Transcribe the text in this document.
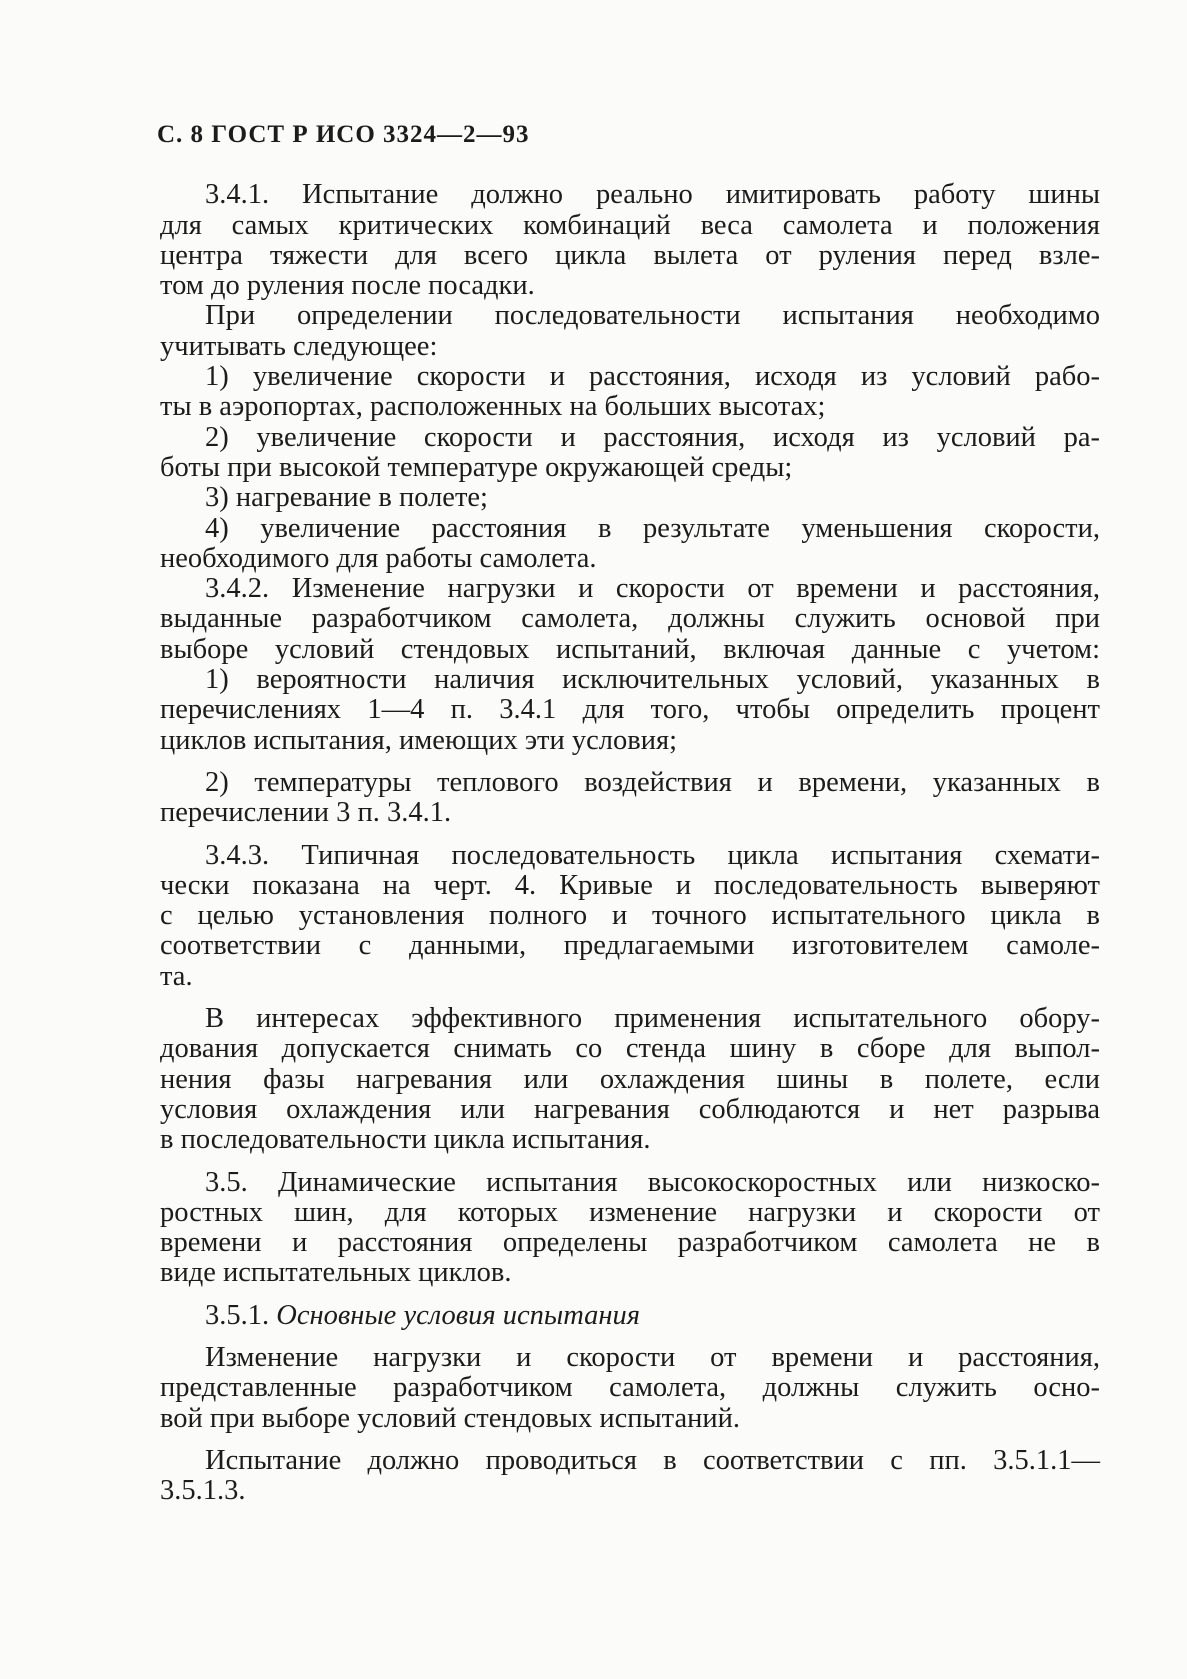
С. 8 ГОСТ Р ИСО 3324—2—93
3.4.1. Испытание должно реально имитировать работу шины
для самых критических комбинаций веса самолета и положения
центра тяжести для всего цикла вылета от руления перед взле-
том до руления после посадки.
При определении последовательности испытания необходимо
учитывать следующее:
1) увеличение скорости и расстояния, исходя из условий рабо-
ты в аэропортах, расположенных на больших высотах;
2) увеличение скорости и расстояния, исходя из условий ра-
боты при высокой температуре окружающей среды;
3) нагревание в полете;
4) увеличение расстояния в результате уменьшения скорости,
необходимого для работы самолета.
3.4.2. Изменение нагрузки и скорости от времени и расстояния,
выданные разработчиком самолета, должны служить основой при
выборе условий стендовых испытаний, включая данные с учетом:
1) вероятности наличия исключительных условий, указанных в
перечислениях 1—4 п. 3.4.1 для того, чтобы определить процент
циклов испытания, имеющих эти условия;
2) температуры теплового воздействия и времени, указанных в
перечислении 3 п. 3.4.1.
3.4.3. Типичная последовательность цикла испытания схемати-
чески показана на черт. 4. Кривые и последовательность выверяют
с целью установления полного и точного испытательного цикла в
соответствии с данными, предлагаемыми изготовителем самоле-
та.
В интересах эффективного применения испытательного обору-
дования допускается снимать со стенда шину в сборе для выпол-
нения фазы нагревания или охлаждения шины в полете, если
условия охлаждения или нагревания соблюдаются и нет разрыва
в последовательности цикла испытания.
3.5. Динамические испытания высокоскоростных или низкоско-
ростных шин, для которых изменение нагрузки и скорости от
времени и расстояния определены разработчиком самолета не в
виде испытательных циклов.
3.5.1. Основные условия испытания
Изменение нагрузки и скорости от времени и расстояния,
представленные разработчиком самолета, должны служить осно-
вой при выборе условий стендовых испытаний.
Испытание должно проводиться в соответствии с пп. 3.5.1.1—
3.5.1.3.
